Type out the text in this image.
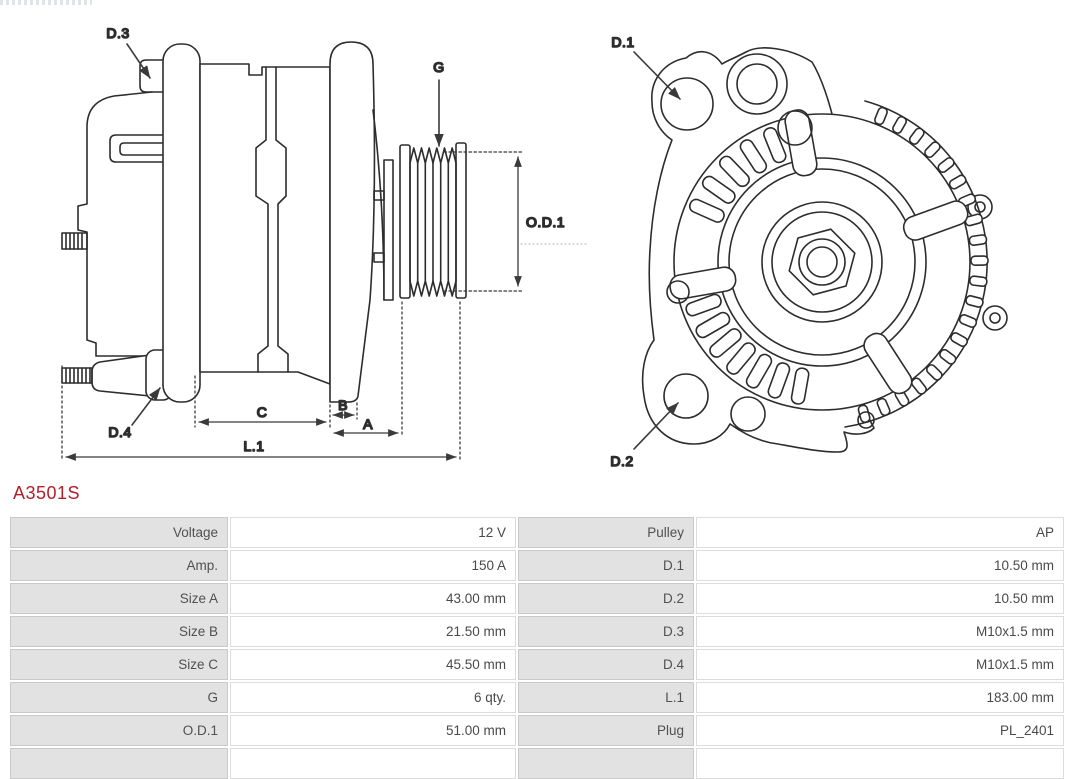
D.3
G
O.D.1
D.4
C	B
A
L.1
D.1
D.2
A3501S
Voltage	12 V	Pulley	AP
Amp.	150 A	D.1	10.50 mm
Size A	43.00 mm	D.2	10.50 mm
Size B	21.50 mm	D.3	M10x1.5 mm
Size C	45.50 mm	D.4	M10x1.5 mm
G	6 qty.	L.1	183.00 mm
O.D.1	51.00 mm	Plug	PL_2401
